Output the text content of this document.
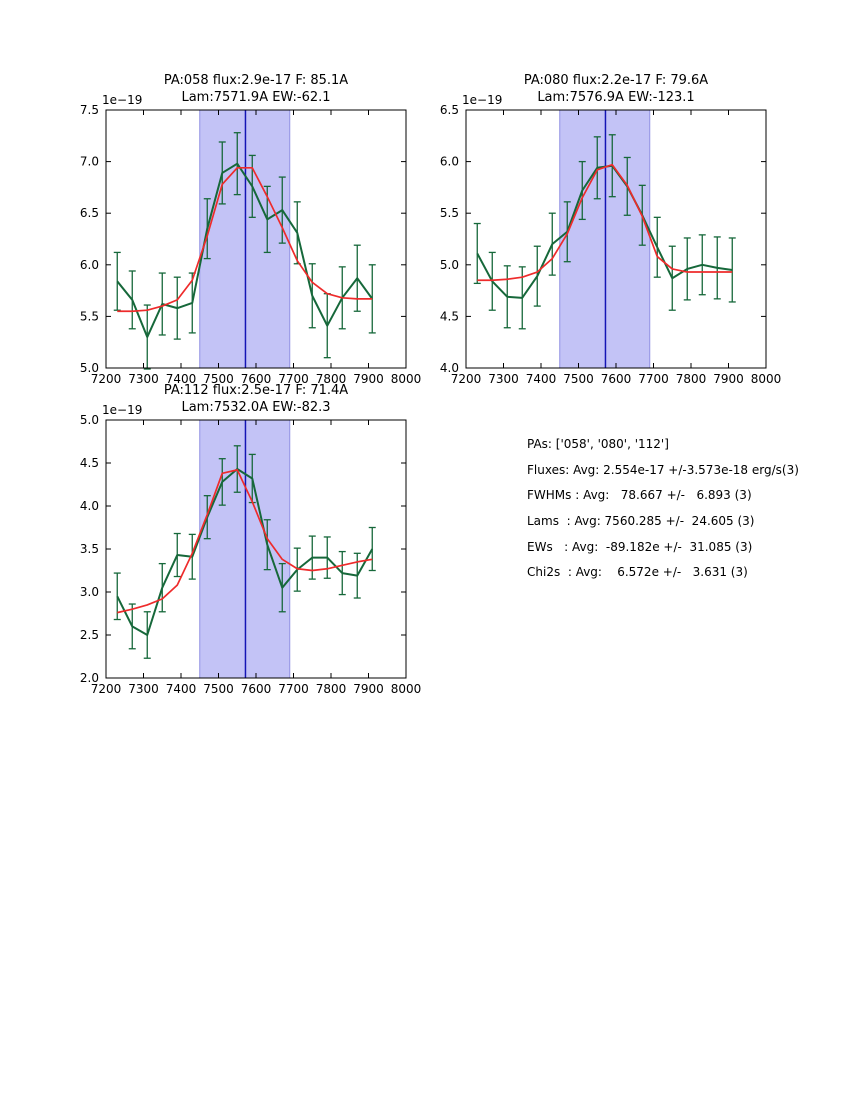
PA:058 flux:2.9e-17 F: 85.1A
Lam:7571.9A EW:-62.1
7200 7300 7400 7500 7600 7700 7800 7900 8000
5.0
5.5
6.0
6.5
7.0
7.5
1e−19
PA:080 flux:2.2e-17 F: 79.6A
Lam:7576.9A EW:-123.1
7200 7300 7400 7500 7600 7700 7800 7900 8000
4.0
4.5
5.0
5.5
6.0
6.5
1e−19
PA:112 flux:2.5e-17 F: 71.4A
Lam:7532.0A EW:-82.3
7200 7300 7400 7500 7600 7700 7800 7900 8000
2.0
2.5
3.0
3.5
4.0
4.5
5.0
1e−19
PAs: ['058', '080', '112']
Fluxes: Avg: 2.554e-17 +/-3.573e-18 erg/s(3)
FWHMs : Avg:   78.667 +/-   6.893 (3)
Lams  : Avg: 7560.285 +/-  24.605 (3)
EWs   : Avg:  -89.182e +/-  31.085 (3)
Chi2s  : Avg:    6.572e +/-   3.631 (3)
